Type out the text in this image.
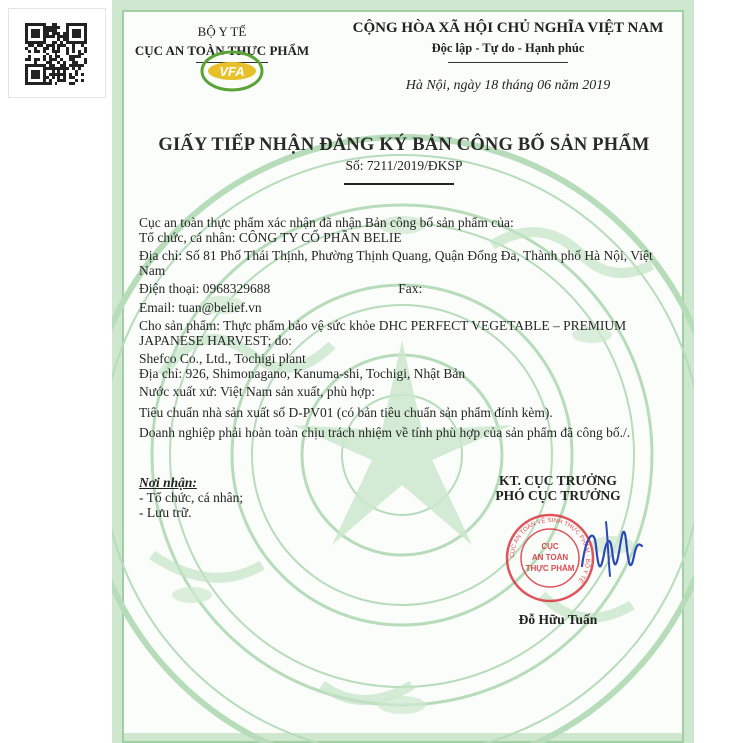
BỘ Y TẾ
CỤC AN TOÀN THỰC PHẨM
VFA
CỘNG HÒA XÃ HỘI CHỦ NGHĨA VIỆT NAM
Độc lập - Tự do - Hạnh phúc
Hà Nội, ngày 18 tháng 06 năm 2019
GIẤY TIẾP NHẬN ĐĂNG KÝ BẢN CÔNG BỐ SẢN PHẨM
Số: 7211/2019/ĐKSP

Cục an toàn thực phẩm xác nhận đã nhận Bản công bố sản phẩm của:

Tổ chức, cá nhân: CÔNG TY CỔ PHẦN BELIE

Địa chỉ: Số 81 Phố Thái Thịnh, Phường Thịnh Quang, Quận Đống Đa, Thành phố Hà Nội, Việt Nam

Điện thoại: 0968329688	Fax:

Email: tuan@belief.vn

Cho sản phẩm: Thực phẩm bảo vệ sức khỏe DHC PERFECT VEGETABLE – PREMIUM JAPANESE HARVEST; do:

Shefco Co., Ltd., Tochigi plant

Địa chỉ: 926, Shimonagano, Kanuma-shi, Tochigi, Nhật Bản

Nước xuất xứ: Việt Nam sản xuất, phù hợp:

Tiêu chuẩn nhà sản xuất số D-PV01 (có bản tiêu chuẩn sản phẩm đính kèm).

Doanh nghiệp phải hoàn toàn chịu trách nhiệm về tính phù hợp của sản phẩm đã công bố./.

Nơi nhận:
- Tổ chức, cá nhân;
- Lưu trữ.
KT. CỤC TRƯỞNG
PHÓ CỤC TRƯỞNG
CỤC AN TOÀN VỆ SINH THỰC PHẨM · BỘ Y TẾ
CỤC
AN TOÀN
THỰC PHẨM
Đỗ Hữu Tuấn
